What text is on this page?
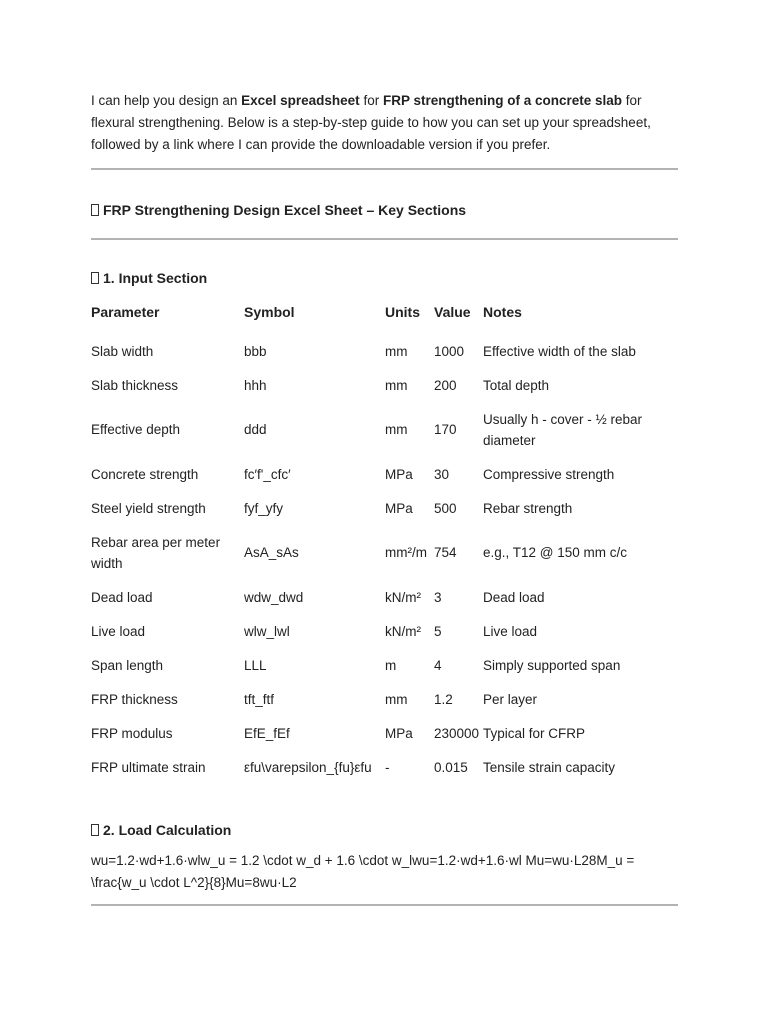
I can help you design an Excel spreadsheet for FRP strengthening of a concrete slab for flexural strengthening. Below is a step-by-step guide to how you can set up your spreadsheet, followed by a link where I can provide the downloadable version if you prefer.

FRP Strengthening Design Excel Sheet – Key Sections

1. Input Section

Parameter	Symbol	Units	Value	Notes
Slab width	bbb	mm	1000	Effective width of the slab
Slab thickness	hhh	mm	200	Total depth
Effective depth	ddd	mm	170	Usually h - cover - ½ rebar diameter
Concrete strength	fc′f'_cfc′	MPa	30	Compressive strength
Steel yield strength	fyf_yfy	MPa	500	Rebar strength
Rebar area per meter width	AsA_sAs	mm²/m	754	e.g., T12 @ 150 mm c/c
Dead load	wdw_dwd	kN/m²	3	Dead load
Live load	wlw_lwl	kN/m²	5	Live load
Span length	LLL	m	4	Simply supported span
FRP thickness	tft_ftf	mm	1.2	Per layer
FRP modulus	EfE_fEf	MPa	230000	Typical for CFRP
FRP ultimate strain	εfu\varepsilon_{fu}εfu	-	0.015	Tensile strain capacity

2. Load Calculation

wu=1.2·wd+1.6·wlw_u = 1.2 \cdot w_d + 1.6 \cdot w_lwu=1.2·wd+1.6·wl Mu=wu·L28M_u = \frac{w_u \cdot L^2}{8}Mu=8wu·L2
